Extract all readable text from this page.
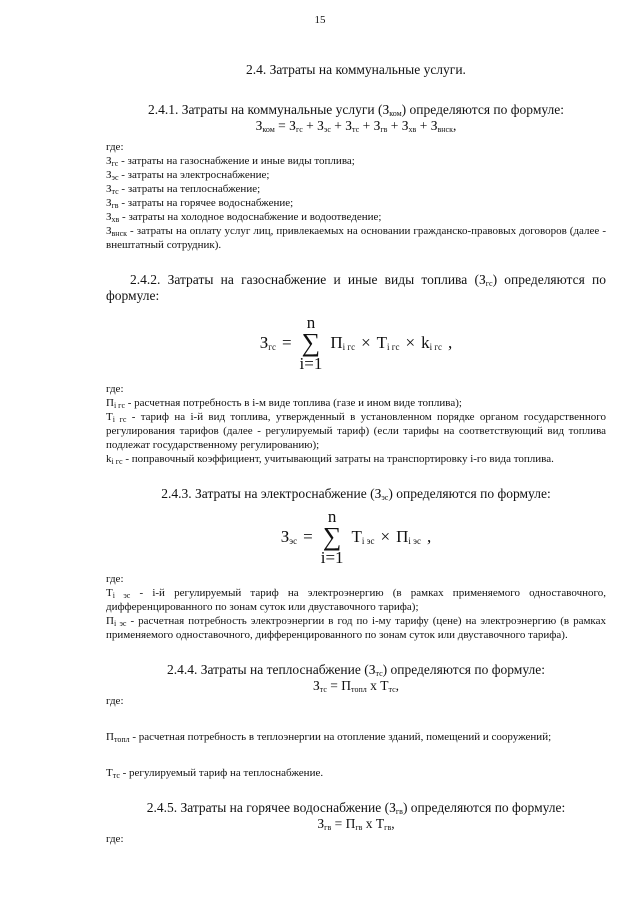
15
2.4. Затраты на коммунальные услуги.
2.4.1. Затраты на коммунальные услуги $(З_{ком})$ определяются по формуле:
$З_{ком} = З_{гс} + З_{эс} + З_{тс} + З_{гв} + З_{хв} + З_{внск}$,
где:
$З_{гс}$ - затраты на газоснабжение и иные виды топлива;
$З_{эс}$ - затраты на электроснабжение;
$З_{тс}$ - затраты на теплоснабжение;
$З_{гв}$ - затраты на горячее водоснабжение;
$З_{хв}$ - затраты на холодное водоснабжение и водоотведение;
$З_{внск}$ - затраты на оплату услуг лиц, привлекаемых на основании гражданско-правовых договоров (далее - внештатный сотрудник).
2.4.2. Затраты на газоснабжение и иные виды топлива $(З_{гс})$ определяются по формуле:
$З_{гс}$ =
n
∑
i=1
$П_{i гс} \times Т_{i гс} \times k_{i гс}$ ,
где:
$П_{i гс}$ - расчетная потребность в i-м виде топлива (газе и ином виде топлива);
$Т_{i гс}$ - тариф на i-й вид топлива, утвержденный в установленном порядке органом государственного регулирования тарифов (далее - регулируемый тариф) (если тарифы на соответствующий вид топлива подлежат государственному регулированию);
$k_{i гс}$ - поправочный коэффициент, учитывающий затраты на транспортировку i-го вида топлива.
2.4.3. Затраты на электроснабжение $(З_{эс})$ определяются по формуле:
$З_{эс}$ =
n
∑
i=1
$Т_{i эс} \times П_{i эс}$ ,
где:
$Т_{i эс} - i-й$ регулируемый тариф на электроэнергию (в рамках применяемого одноставочного, дифференцированного по зонам суток или двуставочного тарифа);
$П_{i эс}$ - расчетная потребность электроэнергии в год по i-му тарифу (цене) на электроэнергию (в рамках применяемого одноставочного, дифференцированного по зонам суток или двуставочного тарифа).
2.4.4. Затраты на теплоснабжение $(З_{тс})$ определяются по формуле:
$З_{тс} = П_{топл}$ х $Т_{тс}$,
где:
$П_{топл}$ - расчетная потребность в теплоэнергии на отопление зданий, помещений и сооружений;
$Т_{тс}$ - регулируемый тариф на теплоснабжение.
2.4.5. Затраты на горячее водоснабжение $(З_{гв})$ определяются по формуле:
$З_{гв} = П_{гв}$ х $Т_{гв}$,
где:
